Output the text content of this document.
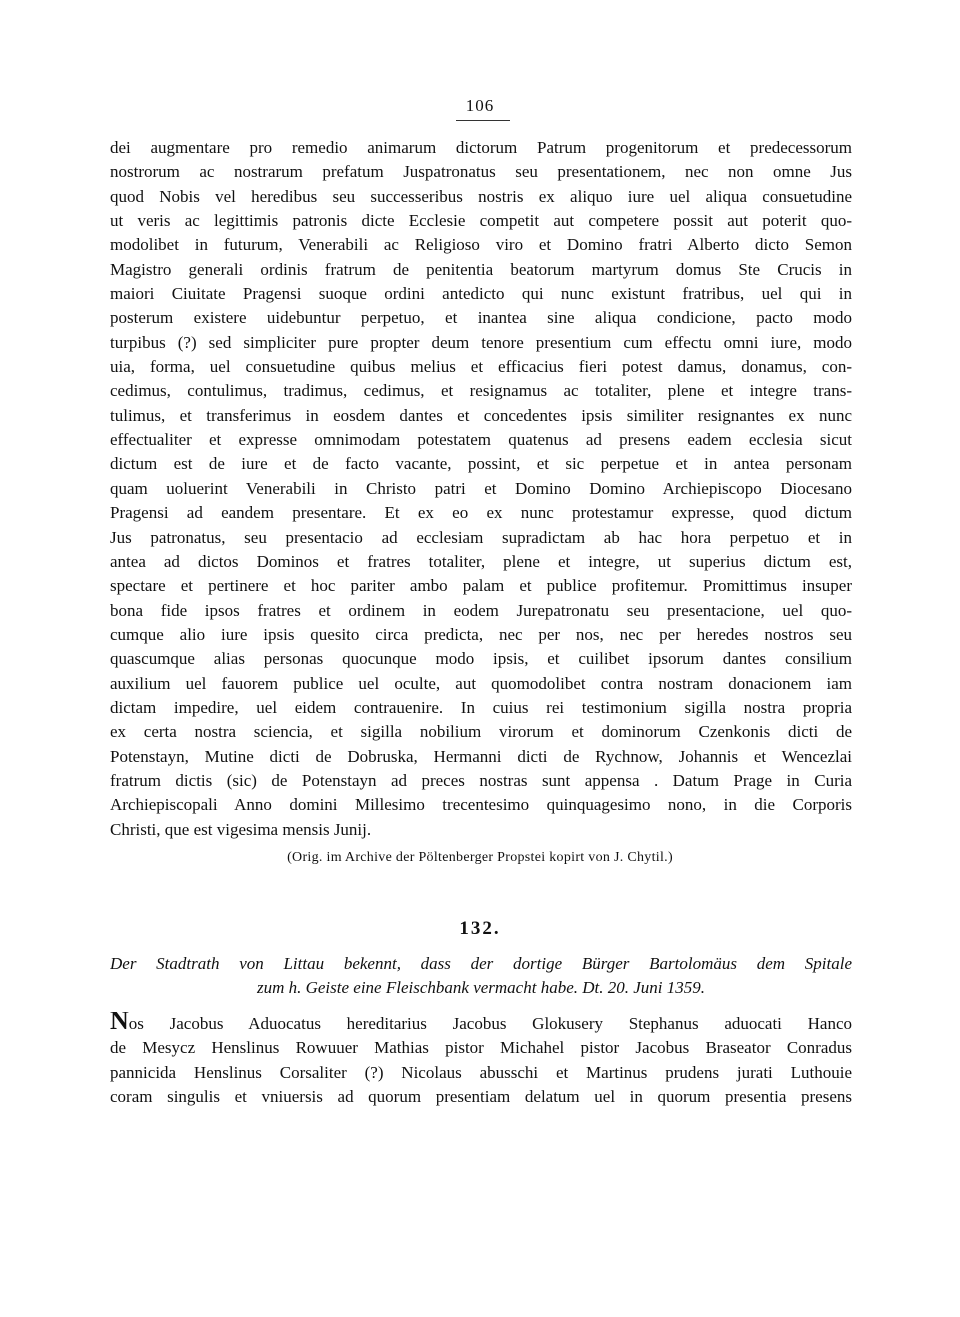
106
dei augmentare pro remedio animarum dictorum Patrum progenitorum et predecessorum
nostrorum ac nostrarum prefatum Juspatronatus seu presentationem, nec non omne Jus
quod Nobis vel heredibus seu successeribus nostris ex aliquo iure uel aliqua consuetudine
ut veris ac legittimis patronis dicte Ecclesie competit aut competere possit aut poterit quo-
modolibet in futurum, Venerabili ac Religioso viro et Domino fratri Alberto dicto Semon
Magistro generali ordinis fratrum de penitentia beatorum martyrum domus Ste Crucis in
maiori Ciuitate Pragensi suoque ordini antedicto qui nunc existunt fratribus, uel qui in
posterum existere uidebuntur perpetuo, et inantea sine aliqua condicione, pacto modo
turpibus (?) sed simpliciter pure propter deum tenore presentium cum effectu omni iure, modo
uia, forma, uel consuetudine quibus melius et efficacius fieri potest damus, donamus, con-
cedimus, contulimus, tradimus, cedimus, et resignamus ac totaliter, plene et integre trans-
tulimus, et transferimus in eosdem dantes et concedentes ipsis similiter resignantes ex nunc
effectualiter et expresse omnimodam potestatem quatenus ad presens eadem ecclesia sicut
dictum est de iure et de facto vacante, possint, et sic perpetue et in antea personam
quam uoluerint Venerabili in Christo patri et Domino Domino Archiepiscopo Diocesano
Pragensi ad eandem presentare. Et ex eo ex nunc protestamur expresse, quod dictum
Jus patronatus, seu presentacio ad ecclesiam supradictam ab hac hora perpetuo et in
antea ad dictos Dominos et fratres totaliter, plene et integre, ut superius dictum est,
spectare et pertinere et hoc pariter ambo palam et publice profitemur. Promittimus insuper
bona fide ipsos fratres et ordinem in eodem Jurepatronatu seu presentacione, uel quo-
cumque alio iure ipsis quesito circa predicta, nec per nos, nec per heredes nostros seu
quascumque alias personas quocunque modo ipsis, et cuilibet ipsorum dantes consilium
auxilium uel fauorem publice uel oculte, aut quomodolibet contra nostram donacionem iam
dictam impedire, uel eidem contrauenire. In cuius rei testimonium sigilla nostra propria
ex certa nostra sciencia, et sigilla nobilium virorum et dominorum Czenkonis dicti de
Potenstayn, Mutine dicti de Dobruska, Hermanni dicti de Rychnow, Johannis et Wencezlai
fratrum dictis (sic) de Potenstayn ad preces nostras sunt appensa . Datum Prage in Curia
Archiepiscopali Anno domini Millesimo trecentesimo quinquagesimo nono, in die Corporis
Christi, que est vigesima mensis Junij.
(Orig. im Archive der Pöltenberger Propstei kopirt von J. Chytil.)
132.
Der Stadtrath von Littau bekennt, dass der dortige Bürger Bartolomäus dem Spitale
zum h. Geiste eine Fleischbank vermacht habe. Dt. 20. Juni 1359.
Nos Jacobus Aduocatus hereditarius Jacobus Glokusery Stephanus aduocati Hanco
de Mesycz Henslinus Rowuuer Mathias pistor Michahel pistor Jacobus Braseator Conradus
pannicida Henslinus Corsaliter (?) Nicolaus abusschi et Martinus prudens jurati Luthouie
coram singulis et vniuersis ad quorum presentiam delatum uel in quorum presentia presens
